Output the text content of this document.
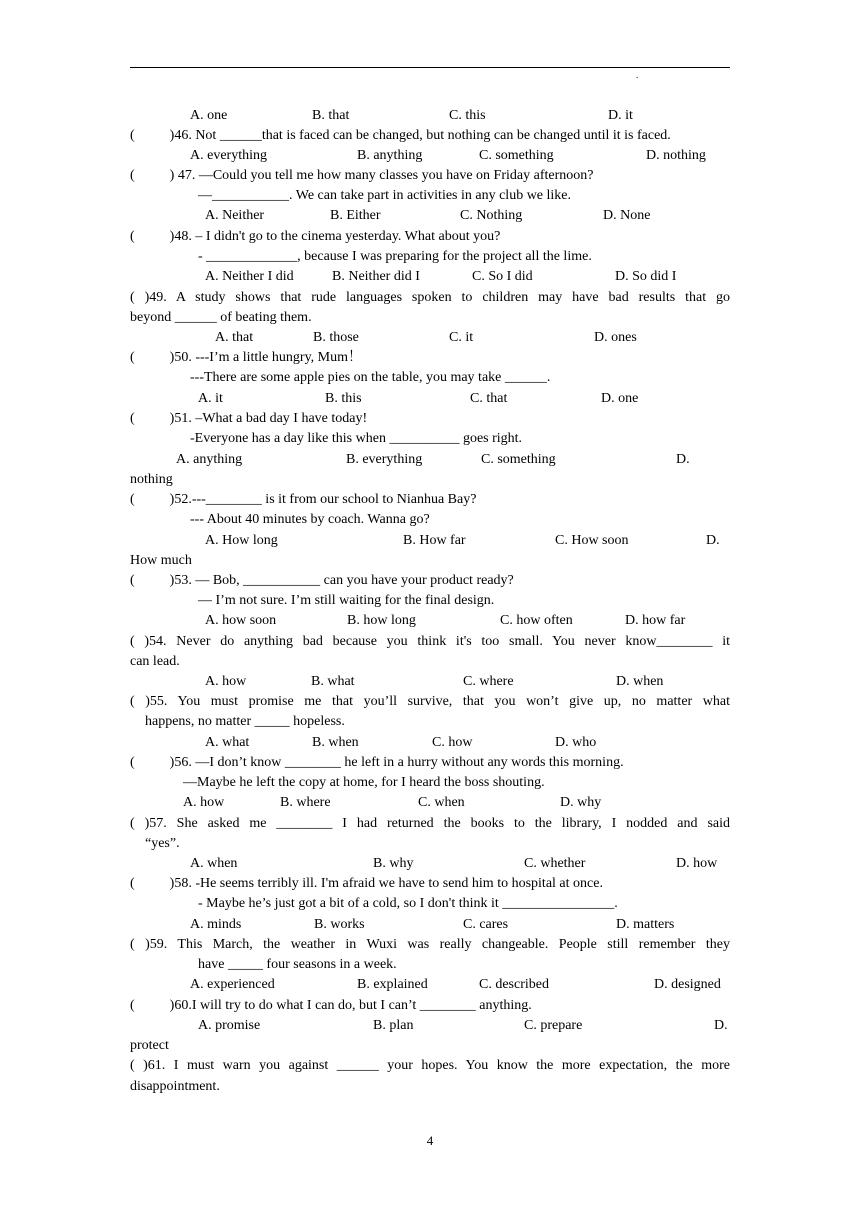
.
A. one	B. that	C. this	D. it
(          )46. Not ______that is faced can be changed, but nothing can be changed until it is faced.
A. everything	B. anything	C. something	D. nothing
(          ) 47. —Could you tell me how many classes you have on Friday afternoon?
—___________. We can take part in activities in any club we like.
A. Neither	B. Either	C. Nothing	D. None
(          )48. – I didn't go to the cinema yesterday. What about you?
- _____________, because I was preparing for the project all the lime.
A. Neither I did	B. Neither did I	C. So I did	D. So did I
( )49. A study shows that rude languages spoken to children may have bad results that go
beyond ______ of beating them.
A. that	B. those	C. it	D. ones
(          )50. ---I’m a little hungry, Mum！
---There are some apple pies on the table, you may take ______.
A. it	B. this	C. that	D. one
(          )51. –What a bad day I have today!
-Everyone has a day like this when __________ goes right.
A. anything	B. everything	C. something	D.
nothing
(          )52.---________ is it from our school to Nianhua Bay?
--- About 40 minutes by coach. Wanna go?
A. How long	B. How far	C. How soon	D.
How much
(          )53. — Bob, ___________ can you have your product ready?
— I’m not sure. I’m still waiting for the final design.
A. how soon	B. how long	C. how often	D. how far
( )54. Never do anything bad because you think it's too small. You never know________ it
can lead.
A. how	B. what	C. where	D. when
( )55. You must promise me that you’ll survive, that you won’t give up, no matter what
happens, no matter _____ hopeless.
A. what	B. when	C. how	D. who
(          )56. —I don’t know ________ he left in a hurry without any words this morning.
—Maybe he left the copy at home, for I heard the boss shouting.
A. how	B. where	C. when	D. why
( )57. She asked me ________ I had returned the books to the library, I nodded and said
“yes”.
A. when	B. why	C. whether	D. how
(          )58. -He seems terribly ill. I'm afraid we have to send him to hospital at once.
- Maybe he’s just got a bit of a cold, so I don't think it ________________.
A. minds	B. works	C. cares	D. matters
( )59. This March, the weather in Wuxi was really changeable. People still remember they
have _____ four seasons in a week.
A. experienced	B. explained	C. described	D. designed
(          )60.I will try to do what I can do, but I can’t ________ anything.
A. promise	B. plan	C. prepare	D.
protect
( )61. I must warn you against ______ your hopes. You know the more expectation, the more
disappointment.
4
